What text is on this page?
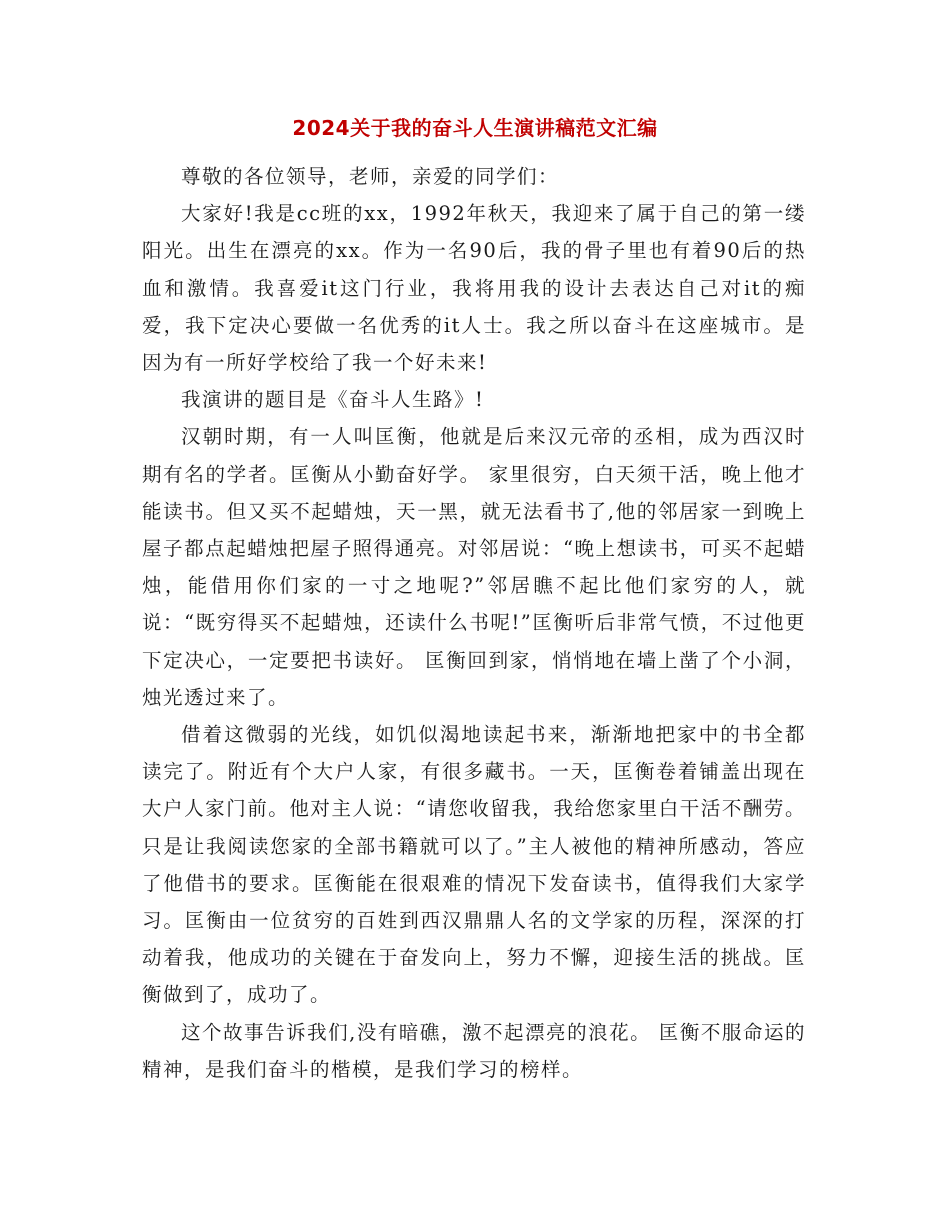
2024关于我的奋斗人生演讲稿范文汇编

尊敬的各位领导，老师，亲爱的同学们：

大家好!我是cc班的xx，1992年秋天，我迎来了属于自己的第一缕阳光。出生在漂亮的xx。作为一名90后，我的骨子里也有着90后的热血和激情。我喜爱it这门行业，我将用我的设计去表达自己对it的痴爱，我下定决心要做一名优秀的it人士。我之所以奋斗在这座城市。是因为有一所好学校给了我一个好未来!

我演讲的题目是《奋斗人生路》!

汉朝时期，有一人叫匡衡，他就是后来汉元帝的丞相，成为西汉时期有名的学者。匡衡从小勤奋好学。 家里很穷，白天须干活，晚上他才能读书。但又买不起蜡烛，天一黑，就无法看书了,他的邻居家一到晚上屋子都点起蜡烛把屋子照得通亮。对邻居说：“晚上想读书，可买不起蜡烛，能借用你们家的一寸之地呢?”邻居瞧不起比他们家穷的人，就说：“既穷得买不起蜡烛，还读什么书呢!”匡衡听后非常气愤，不过他更下定决心，一定要把书读好。 匡衡回到家，悄悄地在墙上凿了个小洞，烛光透过来了。

借着这微弱的光线，如饥似渴地读起书来，渐渐地把家中的书全都读完了。附近有个大户人家，有很多藏书。一天，匡衡卷着铺盖出现在大户人家门前。他对主人说：“请您收留我，我给您家里白干活不酬劳。只是让我阅读您家的全部书籍就可以了。”主人被他的精神所感动，答应了他借书的要求。匡衡能在很艰难的情况下发奋读书，值得我们大家学习。匡衡由一位贫穷的百姓到西汉鼎鼎人名的文学家的历程，深深的打动着我，他成功的关键在于奋发向上，努力不懈，迎接生活的挑战。匡衡做到了，成功了。

这个故事告诉我们,没有暗礁，激不起漂亮的浪花。 匡衡不服命运的精神，是我们奋斗的楷模，是我们学习的榜样。
